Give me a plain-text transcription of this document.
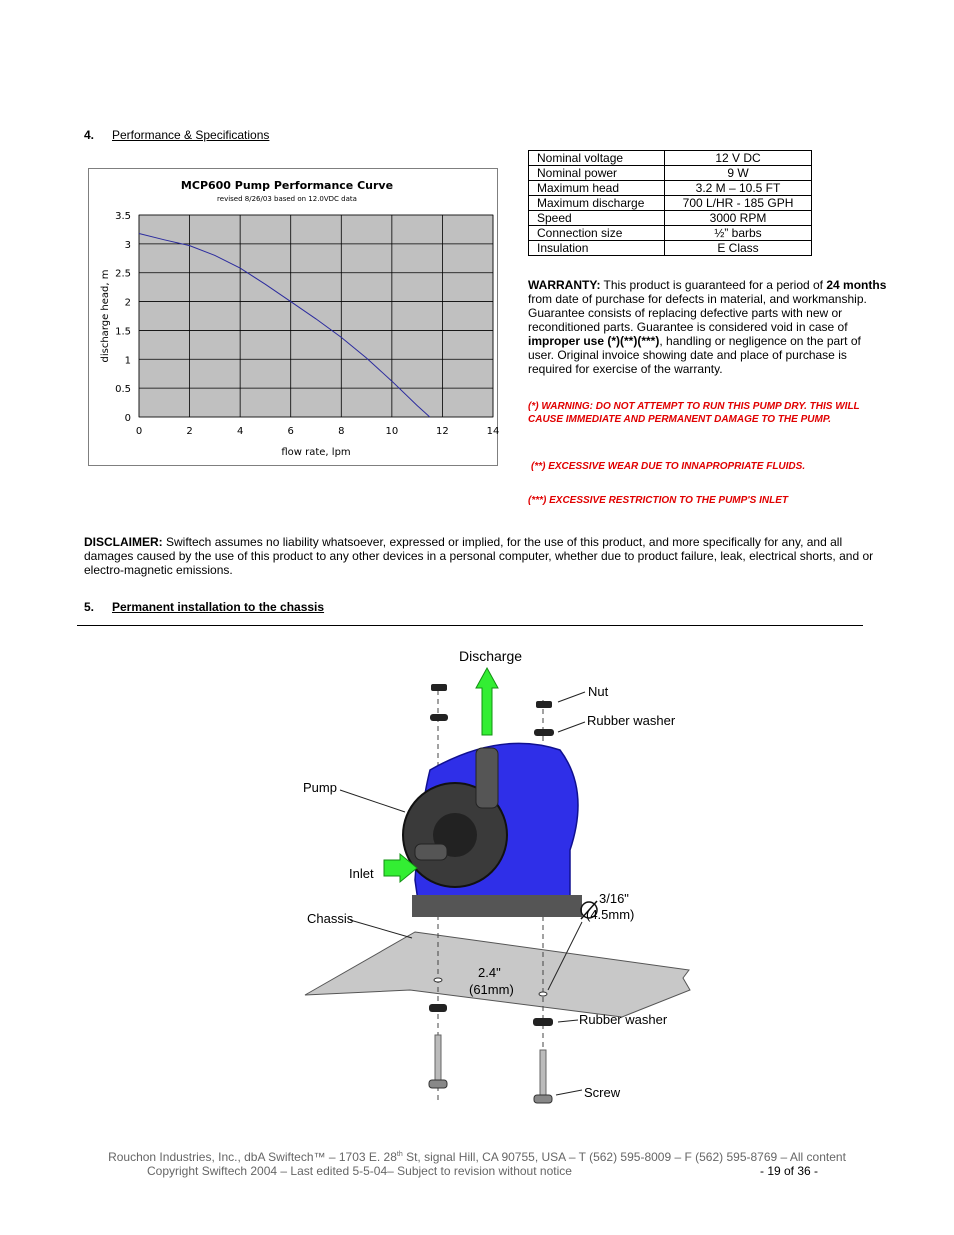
4. Performance & Specifications
MCP600 Pump Performance Curve
revised 8/26/03 based on 12.0VDC data
0	2	4	6	8	10	12	14
0
0.5
1
1.5
2
2.5
3
3.5
flow rate, lpm
discharge head, m
Nominal voltage	12 V DC
Nominal power	9 W
Maximum head	3.2 M – 10.5 FT
Maximum discharge	700 L/HR - 185 GPH
Speed	3000 RPM
Connection size	½” barbs
Insulation	E Class
WARRANTY: This product is guaranteed for a period of 24 months from date of purchase for defects in material, and workmanship. Guarantee consists of replacing defective parts with new or reconditioned parts. Guarantee is considered void in case of improper use (*)(**)(***), handling or negligence on the part of user. Original invoice showing date and place of purchase is required for exercise of the warranty.
(*) WARNING: DO NOT ATTEMPT TO RUN THIS PUMP DRY. THIS WILL CAUSE IMMEDIATE AND PERMANENT DAMAGE TO THE PUMP.
(**) EXCESSIVE WEAR DUE TO INNAPROPRIATE FLUIDS.
(***) EXCESSIVE RESTRICTION TO THE PUMP'S INLET
DISCLAIMER: Swiftech assumes no liability whatsoever, expressed or implied, for the use of this product, and more specifically for any, and all damages caused by the use of this product to any other devices in a personal computer, whether due to product failure, leak, electrical shorts, and or electro-magnetic emissions.
5. Permanent installation to the chassis
Discharge
Nut
Rubber washer
Pump
Inlet
Chassis
3/16"
(4.5mm)
2.4"
(61mm)
Rubber washer
Screw
Rouchon Industries, Inc., dbA Swiftech™ – 1703 E. 28th St, signal Hill, CA 90755, USA – T (562) 595-8009 – F (562) 595-8769 – All content
Copyright Swiftech 2004 – Last edited 5-5-04– Subject to revision without notice	- 19 of 36 -
